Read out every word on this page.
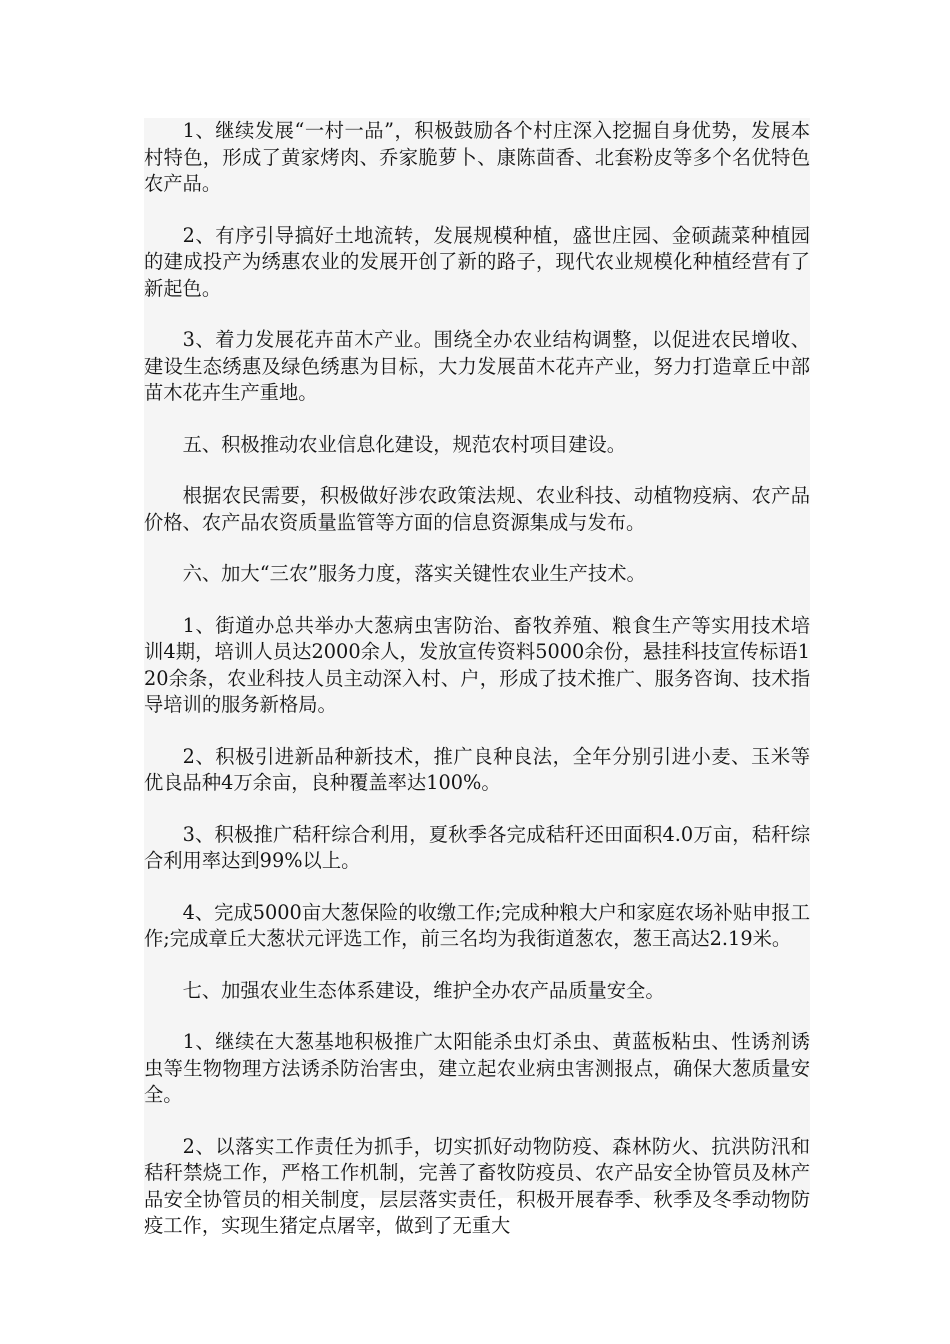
1、继续发展“一村一品”，积极鼓励各个村庄深入挖掘自身优势，发展本村特色，形成了黄家烤肉、乔家脆萝卜、康陈茴香、北套粉皮等多个名优特色农产品。

2、有序引导搞好土地流转，发展规模种植，盛世庄园、金硕蔬菜种植园的建成投产为绣惠农业的发展开创了新的路子，现代农业规模化种植经营有了新起色。

3、着力发展花卉苗木产业。围绕全办农业结构调整，以促进农民增收、建设生态绣惠及绿色绣惠为目标，大力发展苗木花卉产业，努力打造章丘中部苗木花卉生产重地。

五、积极推动农业信息化建设，规范农村项目建设。

根据农民需要，积极做好涉农政策法规、农业科技、动植物疫病、农产品价格、农产品农资质量监管等方面的信息资源集成与发布。

六、加大“三农”服务力度，落实关键性农业生产技术。

1、街道办总共举办大葱病虫害防治、畜牧养殖、粮食生产等实用技术培训4期，培训人员达2000余人，发放宣传资料5000余份，悬挂科技宣传标语120余条，农业科技人员主动深入村、户，形成了技术推广、服务咨询、技术指导培训的服务新格局。

2、积极引进新品种新技术，推广良种良法，全年分别引进小麦、玉米等优良品种4万余亩，良种覆盖率达100%。

3、积极推广秸秆综合利用，夏秋季各完成秸秆还田面积4.0万亩，秸秆综合利用率达到99%以上。

4、完成5000亩大葱保险的收缴工作;完成种粮大户和家庭农场补贴申报工作;完成章丘大葱状元评选工作，前三名均为我街道葱农，葱王高达2.19米。

七、加强农业生态体系建设，维护全办农产品质量安全。

1、继续在大葱基地积极推广太阳能杀虫灯杀虫、黄蓝板粘虫、性诱剂诱虫等生物物理方法诱杀防治害虫，建立起农业病虫害测报点，确保大葱质量安全。

2、以落实工作责任为抓手，切实抓好动物防疫、森林防火、抗洪防汛和秸秆禁烧工作，严格工作机制，完善了畜牧防疫员、农产品安全协管员及林产品安全协管员的相关制度，层层落实责任，积极开展春季、秋季及冬季动物防疫工作，实现生猪定点屠宰，做到了无重大
